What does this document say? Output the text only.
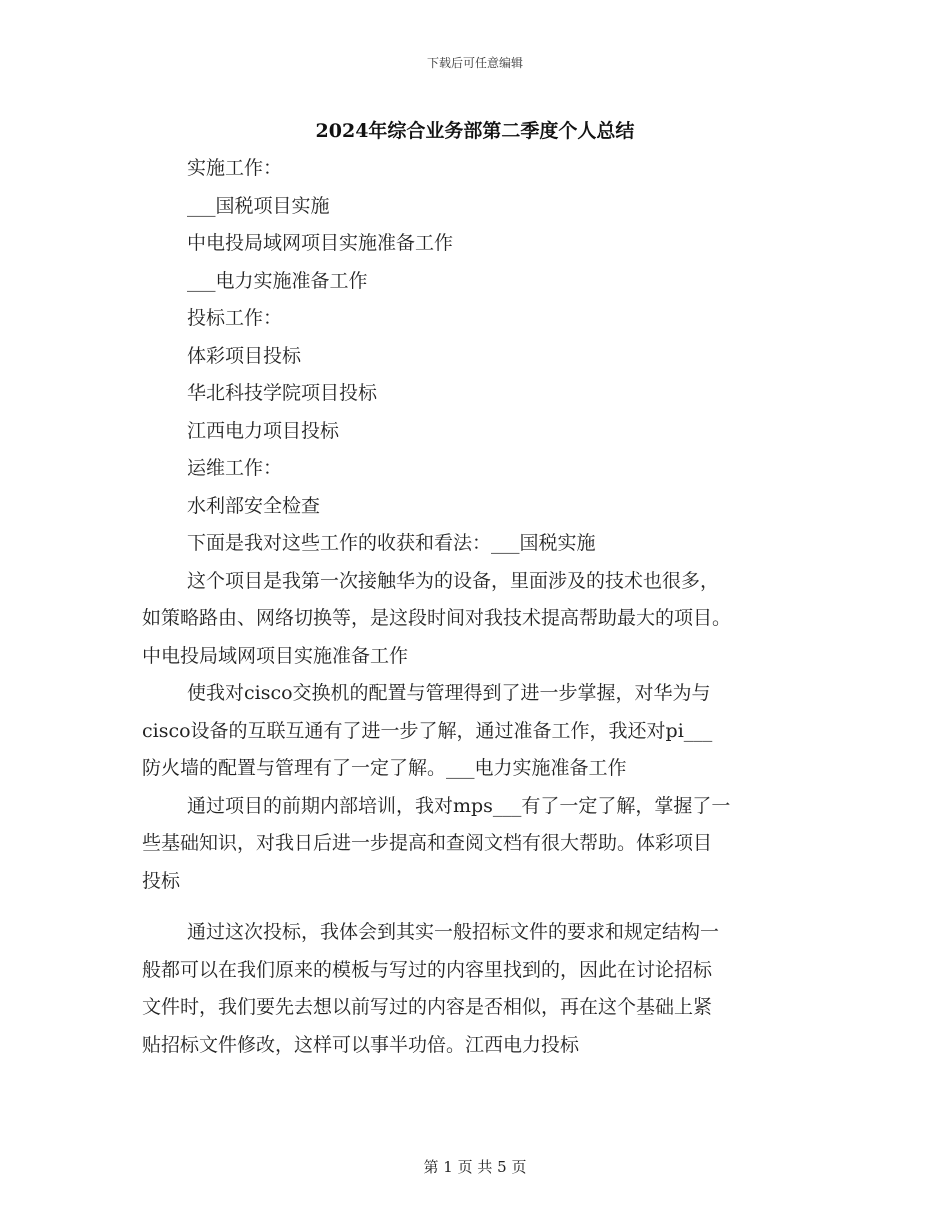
下载后可任意编辑
2024年综合业务部第二季度个人总结
实施工作：
___国税项目实施
中电投局域网项目实施准备工作
___电力实施准备工作
投标工作：
体彩项目投标
华北科技学院项目投标
江西电力项目投标
运维工作：
水利部安全检查
下面是我对这些工作的收获和看法：___国税实施
这个项目是我第一次接触华为的设备，里面涉及的技术也很多，
如策略路由、网络切换等，是这段时间对我技术提高帮助最大的项目。
中电投局域网项目实施准备工作
使我对cisco交换机的配置与管理得到了进一步掌握，对华为与
cisco设备的互联互通有了进一步了解，通过准备工作，我还对pi___
防火墙的配置与管理有了一定了解。___电力实施准备工作
通过项目的前期内部培训，我对mps___有了一定了解，掌握了一
些基础知识，对我日后进一步提高和查阅文档有很大帮助。体彩项目
投标
通过这次投标，我体会到其实一般招标文件的要求和规定结构一
般都可以在我们原来的模板与写过的内容里找到的，因此在讨论招标
文件时，我们要先去想以前写过的内容是否相似，再在这个基础上紧
贴招标文件修改，这样可以事半功倍。江西电力投标
第 1 页 共 5 页
